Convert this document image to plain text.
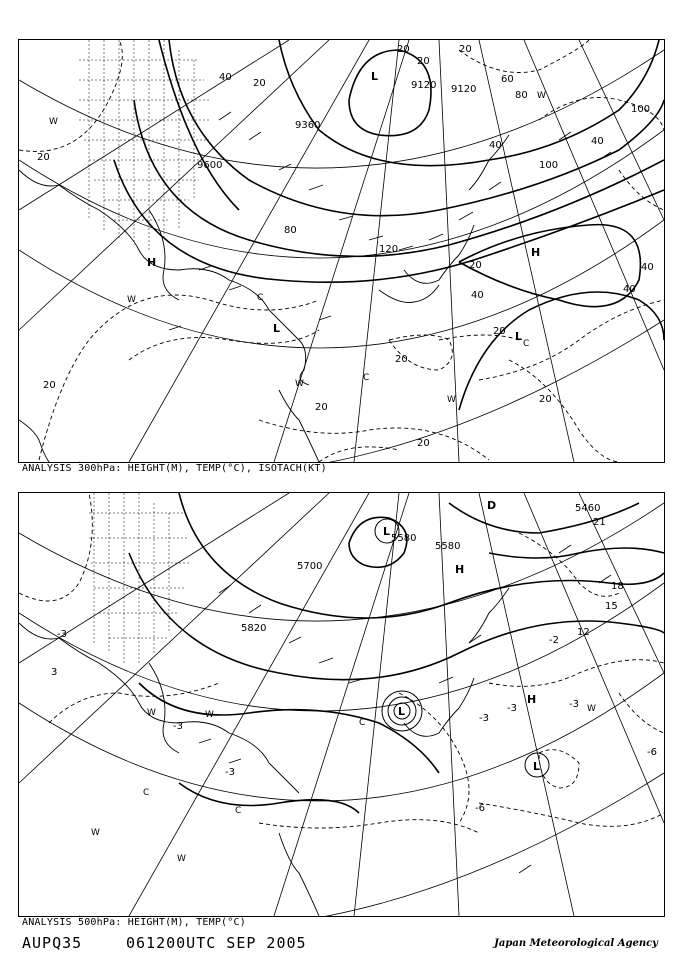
9120
9360
9600
9120
20
20
40
20
40
60
80
80
100
100
120
20
40
40
20
20
20
20
20
40
20
40
20
20
H
L
H
L
L
W
W	C
W
C
W
C
W
ANALYSIS 300hPa: HEIGHT(M), TEMP(°C), ISOTACH(KT)
5580
5580
5700
5820
5460
-3
-3
-3
-3	-3
-3
-6
-6
3
-2
21
18
15
12
H
L
L
H
L
D
W
C
W
W
C
C
W
W
ANALYSIS 500hPa: HEIGHT(M), TEMP(°C)
AUPQ35	061200UTC SEP 2005	Japan Meteorological Agency
